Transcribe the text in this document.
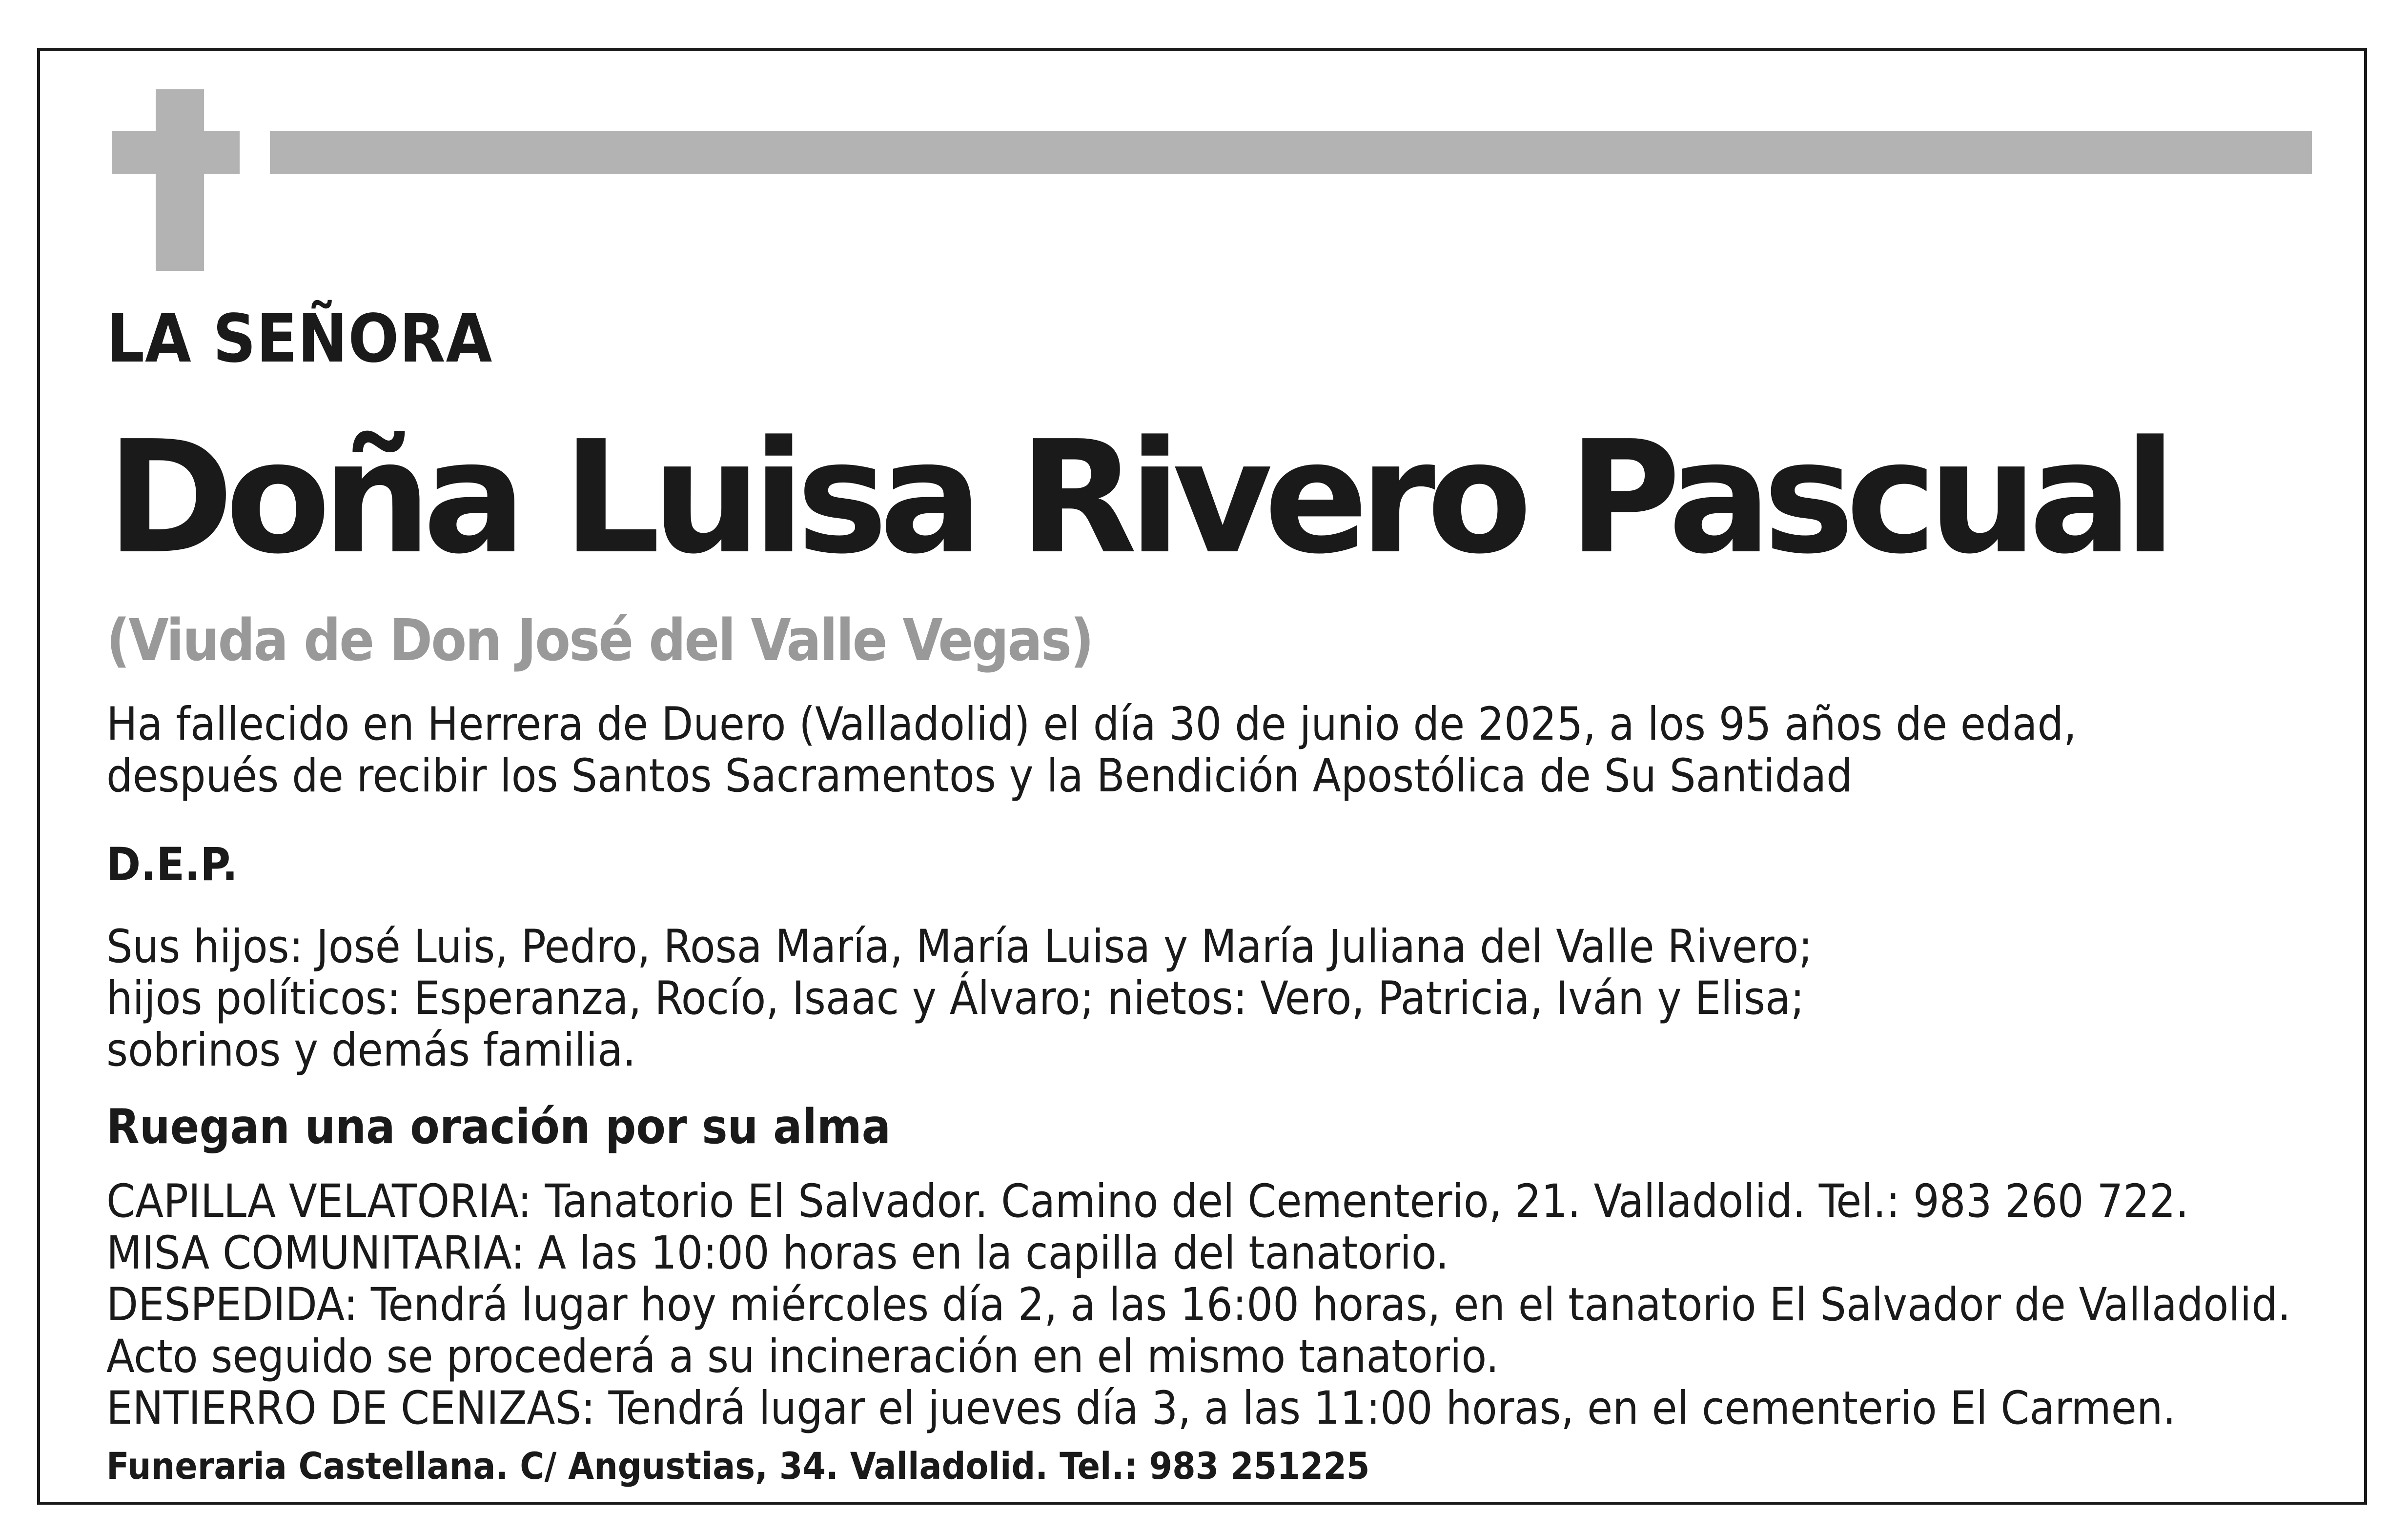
LA SEÑORA

Doña Luisa Rivero Pascual

(Viuda de Don José del Valle Vegas)

Ha fallecido en Herrera de Duero (Valladolid) el día 30 de junio de 2025, a los 95 años de edad,
después de recibir los Santos Sacramentos y la Bendición Apostólica de Su Santidad

D.E.P.

Sus hijos: José Luis, Pedro, Rosa María, María Luisa y María Juliana del Valle Rivero;
hijos políticos: Esperanza, Rocío, Isaac y Álvaro; nietos: Vero, Patricia, Iván y Elisa;
sobrinos y demás familia.

Ruegan una oración por su alma

CAPILLA VELATORIA: Tanatorio El Salvador. Camino del Cementerio, 21. Valladolid. Tel.: 983 260 722.
MISA COMUNITARIA: A las 10:00 horas en la capilla del tanatorio.
DESPEDIDA: Tendrá lugar hoy miércoles día 2, a las 16:00 horas, en el tanatorio El Salvador de Valladolid.
Acto seguido se procederá a su incineración en el mismo tanatorio.
ENTIERRO DE CENIZAS: Tendrá lugar el jueves día 3, a las 11:00 horas, en el cementerio El Carmen.

Funeraria Castellana. C/ Angustias, 34. Valladolid. Tel.: 983 251225
